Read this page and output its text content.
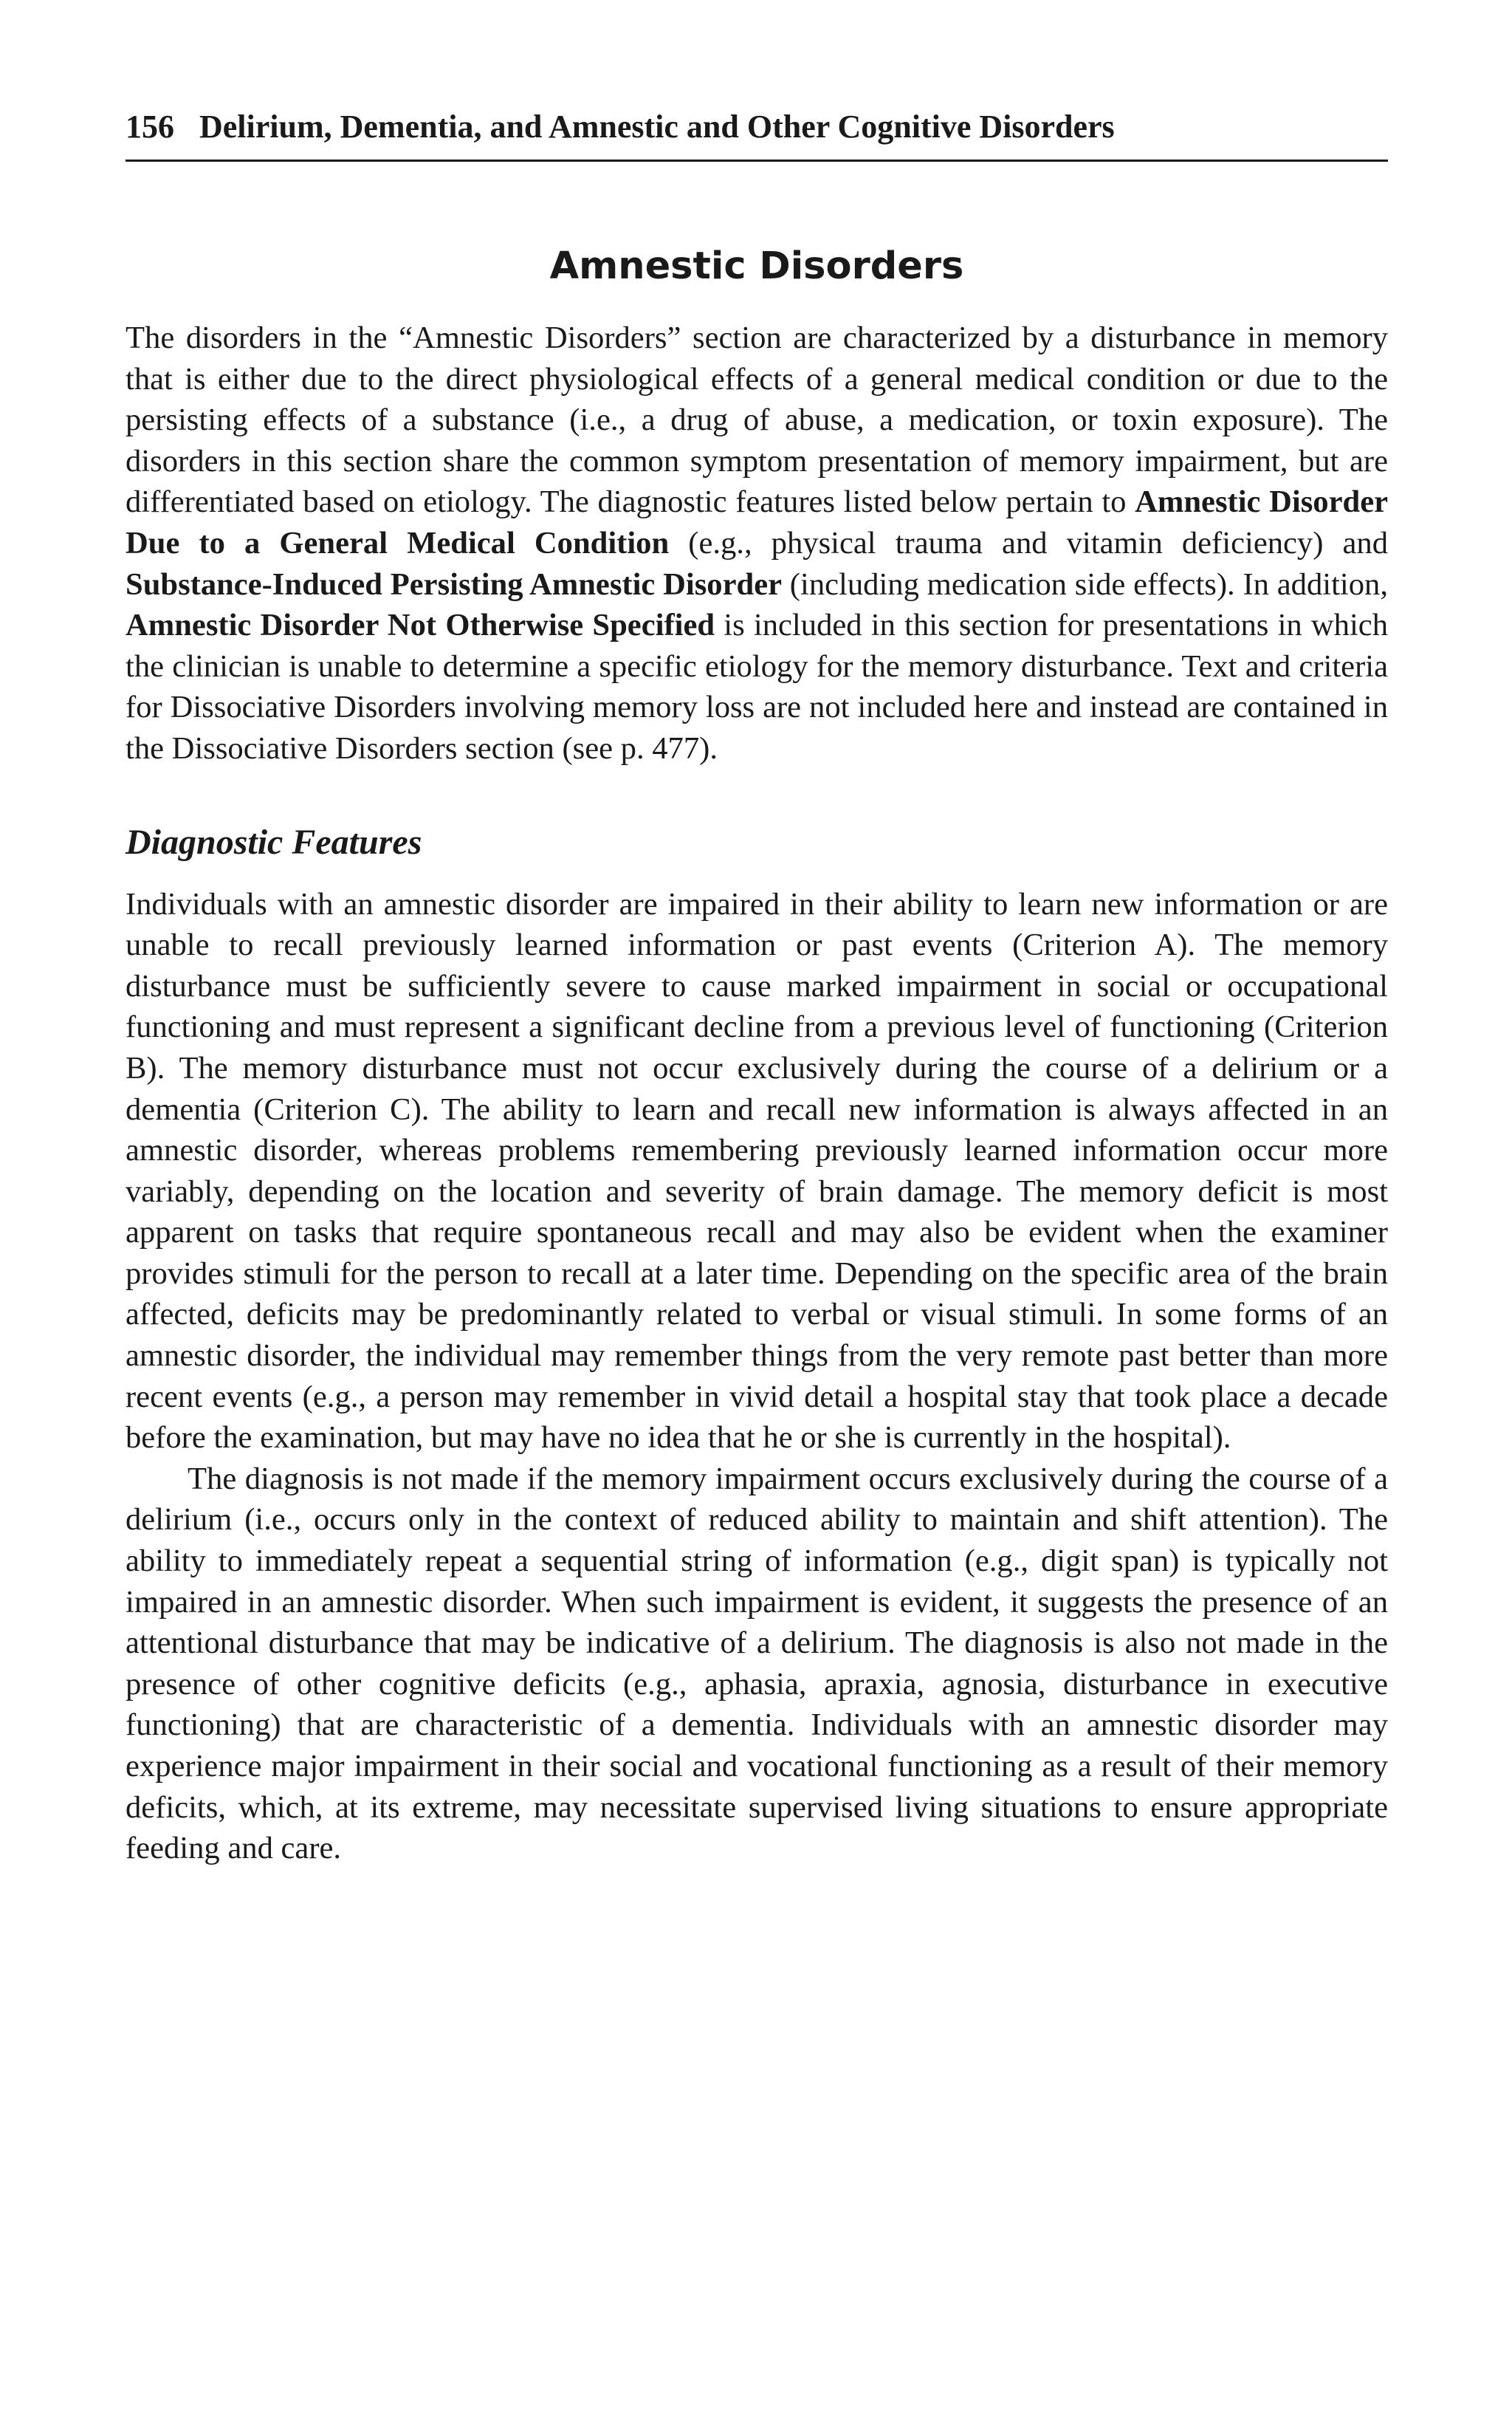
156 Delirium, Dementia, and Amnestic and Other Cognitive Disorders
Amnestic Disorders

The disorders in the “Amnestic Disorders” section are characterized by a disturbance in memory that is either due to the direct physiological effects of a general medical condition or due to the persisting effects of a substance (i.e., a drug of abuse, a medication, or toxin exposure). The disorders in this section share the common symptom presentation of memory impairment, but are differentiated based on etiology. The diagnostic features listed below pertain to Amnestic Disorder Due to a General Medical Condition (e.g., physical trauma and vitamin deficiency) and Substance-Induced Persisting Amnestic Disorder (including medication side effects). In addition, Amnestic Disorder Not Otherwise Specified is included in this section for presentations in which the clinician is unable to determine a specific etiology for the memory disturbance. Text and criteria for Dissociative Disorders involving memory loss are not included here and instead are contained in the Dissociative Disorders section (see p. 477).

Diagnostic Features

Individuals with an amnestic disorder are impaired in their ability to learn new information or are unable to recall previously learned information or past events (Criterion A). The memory disturbance must be sufficiently severe to cause marked impairment in social or occupational functioning and must represent a significant decline from a previous level of functioning (Criterion B). The memory disturbance must not occur exclusively during the course of a delirium or a dementia (Criterion C). The ability to learn and recall new information is always affected in an amnestic disorder, whereas problems remembering previously learned information occur more variably, depending on the location and severity of brain damage. The memory deficit is most apparent on tasks that require spontaneous recall and may also be evident when the examiner provides stimuli for the person to recall at a later time. Depending on the specific area of the brain affected, deficits may be predominantly related to verbal or visual stimuli. In some forms of an amnestic disorder, the individual may remember things from the very remote past better than more recent events (e.g., a person may remember in vivid detail a hospital stay that took place a decade before the examination, but may have no idea that he or she is currently in the hospital).

The diagnosis is not made if the memory impairment occurs exclusively during the course of a delirium (i.e., occurs only in the context of reduced ability to maintain and shift attention). The ability to immediately repeat a sequential string of information (e.g., digit span) is typically not impaired in an amnestic disorder. When such impairment is evident, it suggests the presence of an attentional disturbance that may be indicative of a delirium. The diagnosis is also not made in the presence of other cognitive deficits (e.g., aphasia, apraxia, agnosia, disturbance in executive functioning) that are characteristic of a dementia. Individuals with an amnestic disorder may experience major impairment in their social and vocational functioning as a result of their memory deficits, which, at its extreme, may necessitate supervised living situations to ensure appropriate feeding and care.
